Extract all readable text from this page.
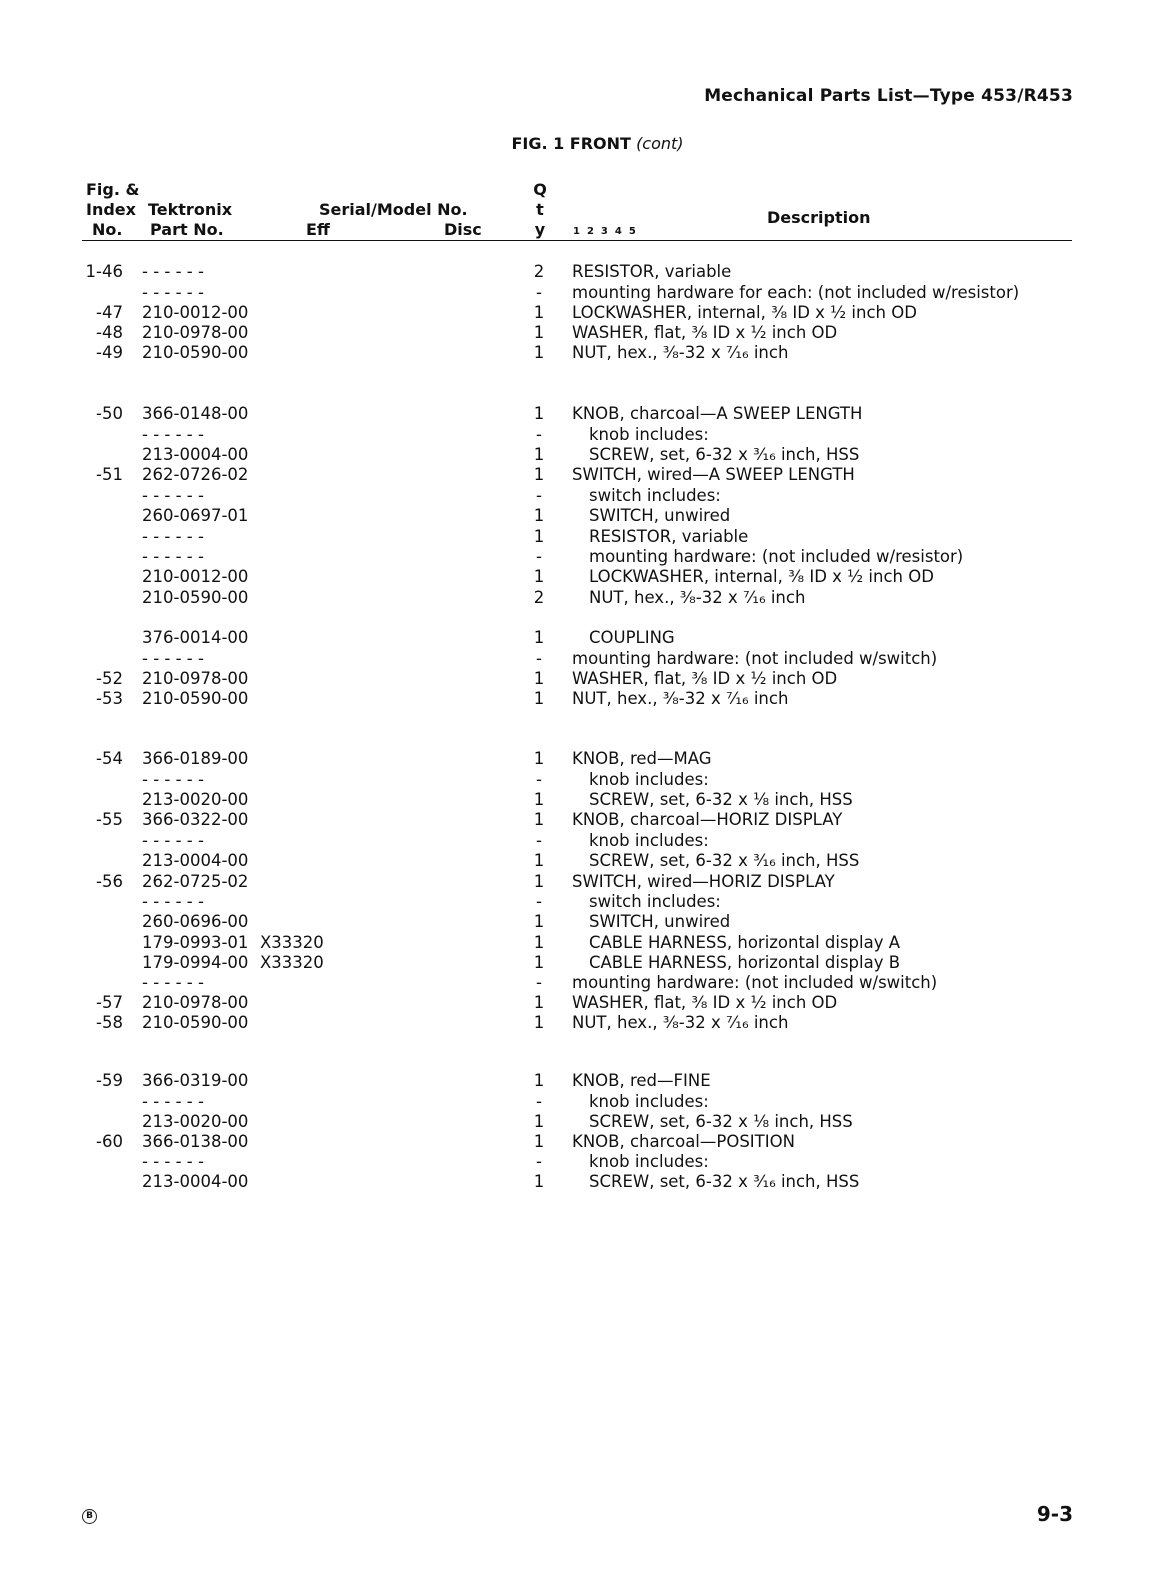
Mechanical Parts List—Type 453/R453
FIG. 1 FRONT (cont)
Fig. &
Index
No.
Tektronix
Part No.
Serial/Model No.
Eff	Disc
Q
t
y	12345
Description
1-46 - - - - - -	2	RESISTOR, variable
- - - - - -	-	mounting hardware for each: (not included w/resistor)
-47 210-0012-00	1	LOCKWASHER, internal, ³⁄₈ ID x ½ inch OD
-48 210-0978-00	1	WASHER, flat, ³⁄₈ ID x ½ inch OD
-49 210-0590-00	1	NUT, hex., ³⁄₈-32 x ⁷⁄₁₆ inch
-50 366-0148-00	1	KNOB, charcoal—A SWEEP LENGTH
- - - - - -	-	knob includes:
213-0004-00	1	SCREW, set, 6-32 x ³⁄₁₆ inch, HSS
-51 262-0726-02	1	SWITCH, wired—A SWEEP LENGTH
- - - - - -	-	switch includes:
260-0697-01	1	SWITCH, unwired
- - - - - -	1	RESISTOR, variable
- - - - - -	-	mounting hardware: (not included w/resistor)
210-0012-00	1	LOCKWASHER, internal, ³⁄₈ ID x ½ inch OD
210-0590-00	2	NUT, hex., ³⁄₈-32 x ⁷⁄₁₆ inch
376-0014-00	1	COUPLING
- - - - - -	-	mounting hardware: (not included w/switch)
-52 210-0978-00	1	WASHER, flat, ³⁄₈ ID x ½ inch OD
-53 210-0590-00	1	NUT, hex., ³⁄₈-32 x ⁷⁄₁₆ inch
-54 366-0189-00	1	KNOB, red—MAG
- - - - - -	-	knob includes:
213-0020-00	1	SCREW, set, 6-32 x ⅛ inch, HSS
-55 366-0322-00	1	KNOB, charcoal—HORIZ DISPLAY
- - - - - -	-	knob includes:
213-0004-00	1	SCREW, set, 6-32 x ³⁄₁₆ inch, HSS
-56 262-0725-02	1	SWITCH, wired—HORIZ DISPLAY
- - - - - -	-	switch includes:
260-0696-00	1	SWITCH, unwired
179-0993-01 X33320	1	CABLE HARNESS, horizontal display A
179-0994-00 X33320	1	CABLE HARNESS, horizontal display B
- - - - - -	-	mounting hardware: (not included w/switch)
-57 210-0978-00	1	WASHER, flat, ³⁄₈ ID x ½ inch OD
-58 210-0590-00	1	NUT, hex., ³⁄₈-32 x ⁷⁄₁₆ inch
-59 366-0319-00	1	KNOB, red—FINE
- - - - - -	-	knob includes:
213-0020-00	1	SCREW, set, 6-32 x ⅛ inch, HSS
-60 366-0138-00	1	KNOB, charcoal—POSITION
- - - - - -	-	knob includes:
213-0004-00	1	SCREW, set, 6-32 x ³⁄₁₆ inch, HSS
B	9-3
